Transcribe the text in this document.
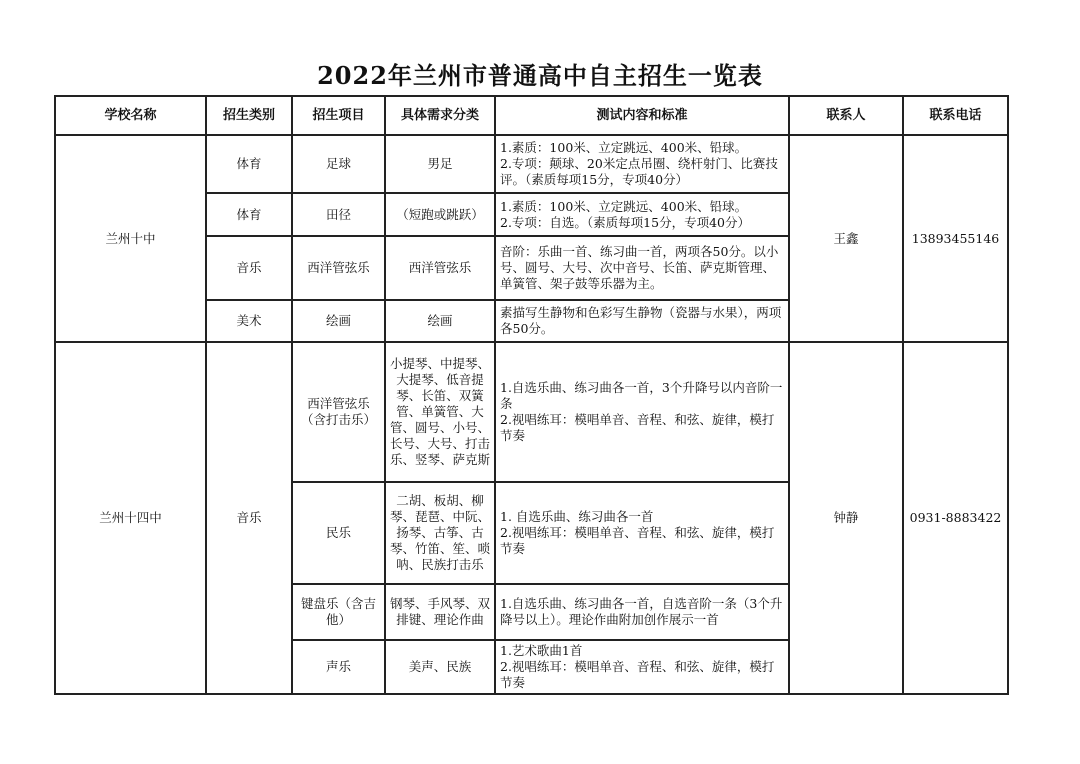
2022年兰州市普通高中自主招生一览表
学校名称	招生类别	招生项目	具体需求分类	测试内容和标准	联系人	联系电话
兰州十中	体育	足球	男足	1.素质：100米、立定跳远、400米、铅球。
2.专项：颠球、20米定点吊圈、绕杆射门、比赛技评。（素质每项15分，专项40分）	王鑫	13893455146
	体育	田径	（短跑或跳跃）	1.素质：100米、立定跳远、400米、铅球。
2.专项：自选。（素质每项15分，专项40分）		
	音乐	西洋管弦乐	西洋管弦乐	音阶：乐曲一首、练习曲一首，两项各50分。以小号、圆号、大号、次中音号、长笛、萨克斯管理、单簧管、架子鼓等乐器为主。		
	美术	绘画	绘画	素描写生静物和色彩写生静物（瓷器与水果），两项各50分。		
兰州十四中	音乐	西洋管弦乐（含打击乐）	小提琴、中提琴、大提琴、低音提琴、长笛、双簧管、单簧管、大管、圆号、小号、长号、大号、打击乐、竖琴、萨克斯	1.自选乐曲、练习曲各一首，3个升降号以内音阶一条
2.视唱练耳：模唱单音、音程、和弦、旋律，模打节奏	钟静	0931-8883422
		民乐	二胡、板胡、柳琴、琵琶、中阮、扬琴、古筝、古琴、竹笛、笙、唢呐、民族打击乐	1. 自选乐曲、练习曲各一首
2.视唱练耳：模唱单音、音程、和弦、旋律，模打节奏		
		键盘乐（含吉他）	钢琴、手风琴、双排键、理论作曲	1.自选乐曲、练习曲各一首，自选音阶一条（3个升降号以上）。理论作曲附加创作展示一首		
		声乐	美声、民族	1.艺术歌曲1首
2.视唱练耳：模唱单音、音程、和弦、旋律，模打节奏		
